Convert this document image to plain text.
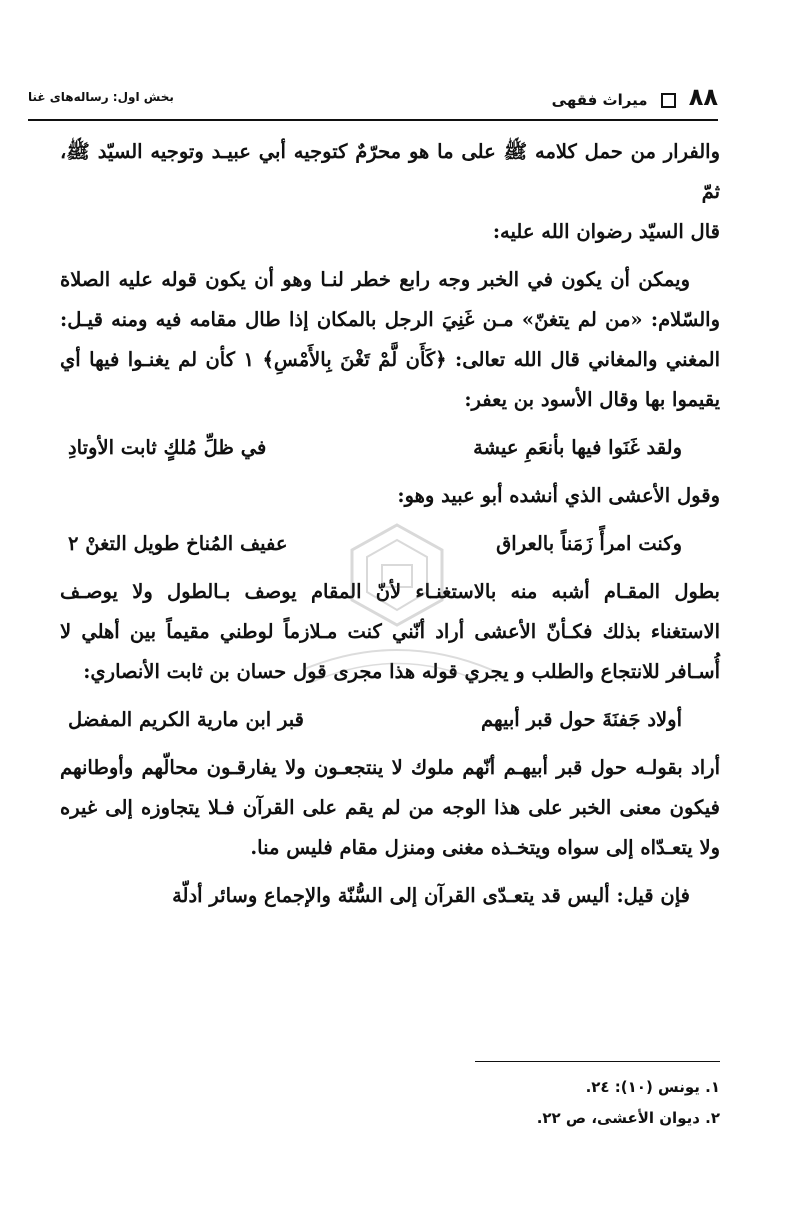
٨٨  میراث فقهی
بخش اول: رساله‌های غنا

والفرار من حمل كلامه ﷺ على ما هو محرّمٌ كتوجيه أبي عبيـد وتوجيه السيّد ﷺ، ثمّ

قال السيّد رضوان الله عليه:

ويمكن أن يكون في الخبر وجه رابع خطر لنـا وهو أن يكون قوله عليه الصلاة والسّلام: «من لم يتغنّ» مـن غَنِيَ الرجل بالمكان إذا طال مقامه فيه ومنه قيـل: المغني والمغاني قال الله تعالى: ﴿كَأَن لَّمْ تَغْنَ بِالأَمْسِ﴾ ١ كأن لم يغنـوا فيها أي يقيموا بها وقال الأسود بن يعفر:

ولقد غَنَوا فيها بأنعَمِ عيشة
في ظلِّ مُلكٍ ثابت الأوتادِ

وقول الأعشى الذي أنشده أبو عبيد وهو:

وكنت امرأً زَمَناً بالعراق
عفيف المُناخ طويل التغنْ ٢

بطول المقـام أشبه منه بالاستغنـاء لأنّ المقام يوصف بـالطول ولا يوصـف الاستغناء بذلك فكـأنّ الأعشى أراد أنّني كنت مـلازماً لوطني مقيماً بين أهلي لا أُسـافر للانتجاع والطلب و يجري قوله هذا مجرى قول حسان بن ثابت الأنصاري:

أولاد جَفنَةَ حول قبر أبيهم
قبر ابن مارية الكريم المفضل

أراد بقولـه حول قبر أبيهـم أنّهم ملوك لا ينتجعـون ولا يفارقـون محالّهم وأوطانهم فيكون معنى الخبر على هذا الوجه من لم يقم على القرآن فـلا يتجاوزه إلى غيره ولا يتعـدّاه إلى سواه ويتخـذه مغنى ومنزل مقام فليس منا.

فإن قيل: أليس قد يتعـدّى القرآن إلى السُّنّة والإجماع وسائر أدلّة

١. يونس (١٠): ٢٤.
٢. ديوان الأعشى، ص ٢٢.
